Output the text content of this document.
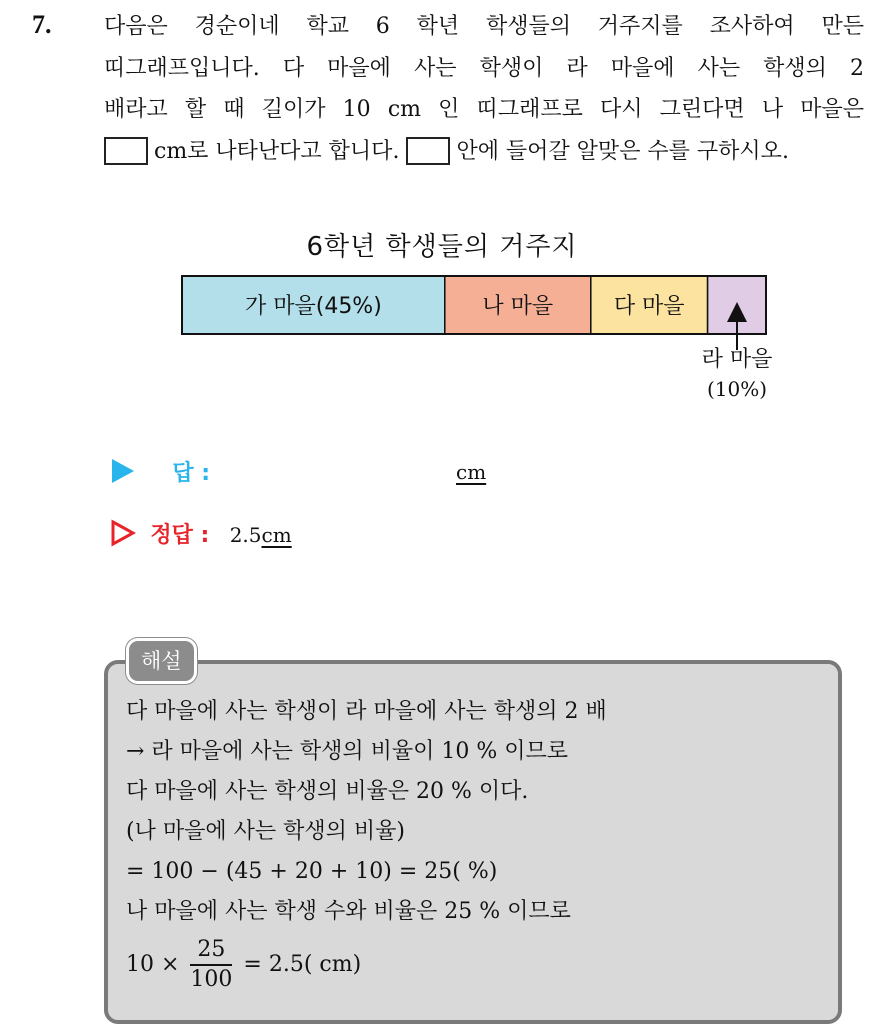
7. 다음은 경순이네 학교 6 학년 학생들의 거주지를 조사하여 만든
띠그래프입니다. 다 마을에 사는 학생이 라 마을에 사는 학생의 2
배라고 할 때 길이가 10 cm 인 띠그래프로 다시 그린다면 나 마을은
cm로 나타난다고 합니다.	안에 들어갈 알맞은 수를 구하시오.
6학년 학생들의 거주지
가 마을(45%)	나 마을	다 마을
라 마을
(10%)
답 :	cm
정답 : 2.5cm
해설
다 마을에 사는 학생이 라 마을에 사는 학생의 2 배
→ 라 마을에 사는 학생의 비율이 10 % 이므로
다 마을에 사는 학생의 비율은 20 % 이다.
(나 마을에 사는 학생의 비율)
= 100 − (45 + 20 + 10) = 25( %)
나 마을에 사는 학생 수와 비율은 25 % 이므로
$10 \times \frac{25}{100} = 2.5$( cm)
